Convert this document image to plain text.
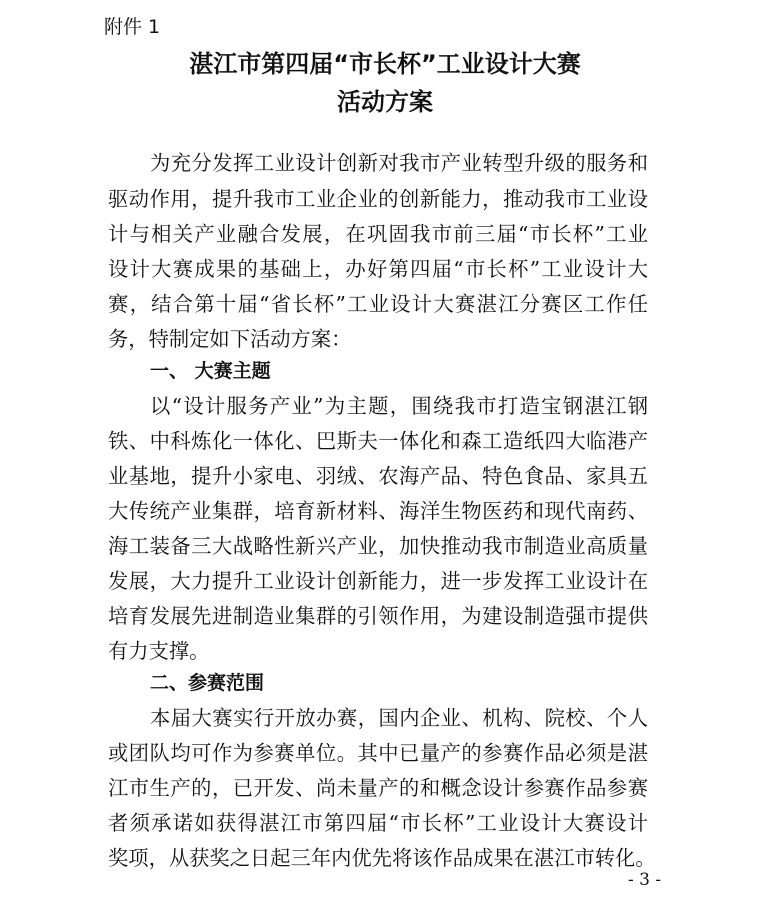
附件 1
湛江市第四届“市长杯”工业设计大赛
活动方案
为充分发挥工业设计创新对我市产业转型升级的服务和
驱动作用，提升我市工业企业的创新能力，推动我市工业设
计与相关产业融合发展，在巩固我市前三届“市长杯”工业
设计大赛成果的基础上，办好第四届“市长杯”工业设计大
赛，结合第十届“省长杯”工业设计大赛湛江分赛区工作任
务，特制定如下活动方案：
一、 大赛主题
以“设计服务产业”为主题，围绕我市打造宝钢湛江钢
铁、中科炼化一体化、巴斯夫一体化和森工造纸四大临港产
业基地，提升小家电、羽绒、农海产品、特色食品、家具五
大传统产业集群，培育新材料、海洋生物医药和现代南药、
海工装备三大战略性新兴产业，加快推动我市制造业高质量
发展，大力提升工业设计创新能力，进一步发挥工业设计在
培育发展先进制造业集群的引领作用，为建设制造强市提供
有力支撑。
二、参赛范围
本届大赛实行开放办赛，国内企业、机构、院校、个人
或团队均可作为参赛单位。其中已量产的参赛作品必须是湛
江市生产的，已开发、尚未量产的和概念设计参赛作品参赛
者须承诺如获得湛江市第四届“市长杯”工业设计大赛设计
奖项，从获奖之日起三年内优先将该作品成果在湛江市转化。
- 3 -
